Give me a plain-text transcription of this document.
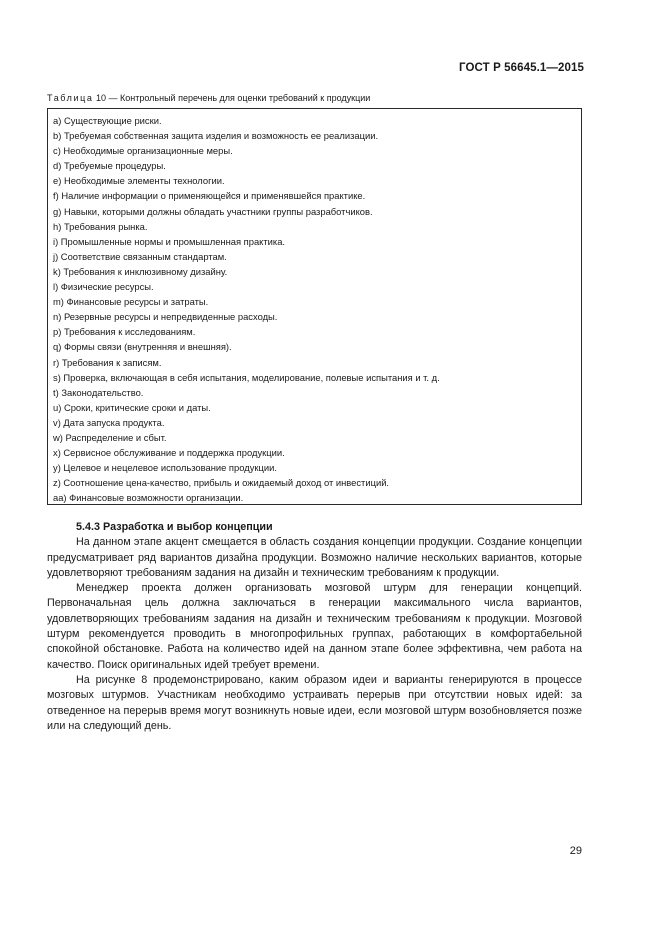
ГОСТ Р 56645.1—2015
Таблица 10 — Контрольный перечень для оценки требований к продукции
a) Существующие риски.
b) Требуемая собственная защита изделия и возможность ее реализации.
c) Необходимые организационные меры.
d) Требуемые процедуры.
e) Необходимые элементы технологии.
f) Наличие информации о применяющейся и применявшейся практике.
g) Навыки, которыми должны обладать участники группы разработчиков.
h) Требования рынка.
i) Промышленные нормы и промышленная практика.
j) Соответствие связанным стандартам.
k) Требования к инклюзивному дизайну.
l) Физические ресурсы.
m) Финансовые ресурсы и затраты.
n) Резервные ресурсы и непредвиденные расходы.
p) Требования к исследованиям.
q) Формы связи (внутренняя и внешняя).
r) Требования к записям.
s) Проверка, включающая в себя испытания, моделирование, полевые испытания и т. д.
t) Законодательство.
u) Сроки, критические сроки и даты.
v) Дата запуска продукта.
w) Распределение и сбыт.
x) Сервисное обслуживание и поддержка продукции.
y) Целевое и нецелевое использование продукции.
z) Соотношение цена-качество, прибыль и ожидаемый доход от инвестиций.
aa) Финансовые возможности организации.
5.4.3 Разработка и выбор концепции

На данном этапе акцент смещается в область создания концепции продукции. Создание концепции предусматривает ряд вариантов дизайна продукции. Возможно наличие нескольких вариантов, которые удовлетворяют требованиям задания на дизайн и техническим требованиям к продукции.

Менеджер проекта должен организовать мозговой штурм для генерации концепций. Первоначальная цель должна заключаться в генерации максимального числа вариантов, удовлетворяющих требованиям задания на дизайн и техническим требованиям к продукции. Мозговой штурм рекомендуется проводить в многопрофильных группах, работающих в комфортабельной спокойной обстановке. Работа на количество идей на данном этапе более эффективна, чем работа на качество. Поиск оригинальных идей требует времени.

На рисунке 8 продемонстрировано, каким образом идеи и варианты генерируются в процессе мозговых штурмов. Участникам необходимо устраивать перерыв при отсутствии новых идей: за отведенное на перерыв время могут возникнуть новые идеи, если мозговой штурм возобновляется позже или на следующий день.

29
